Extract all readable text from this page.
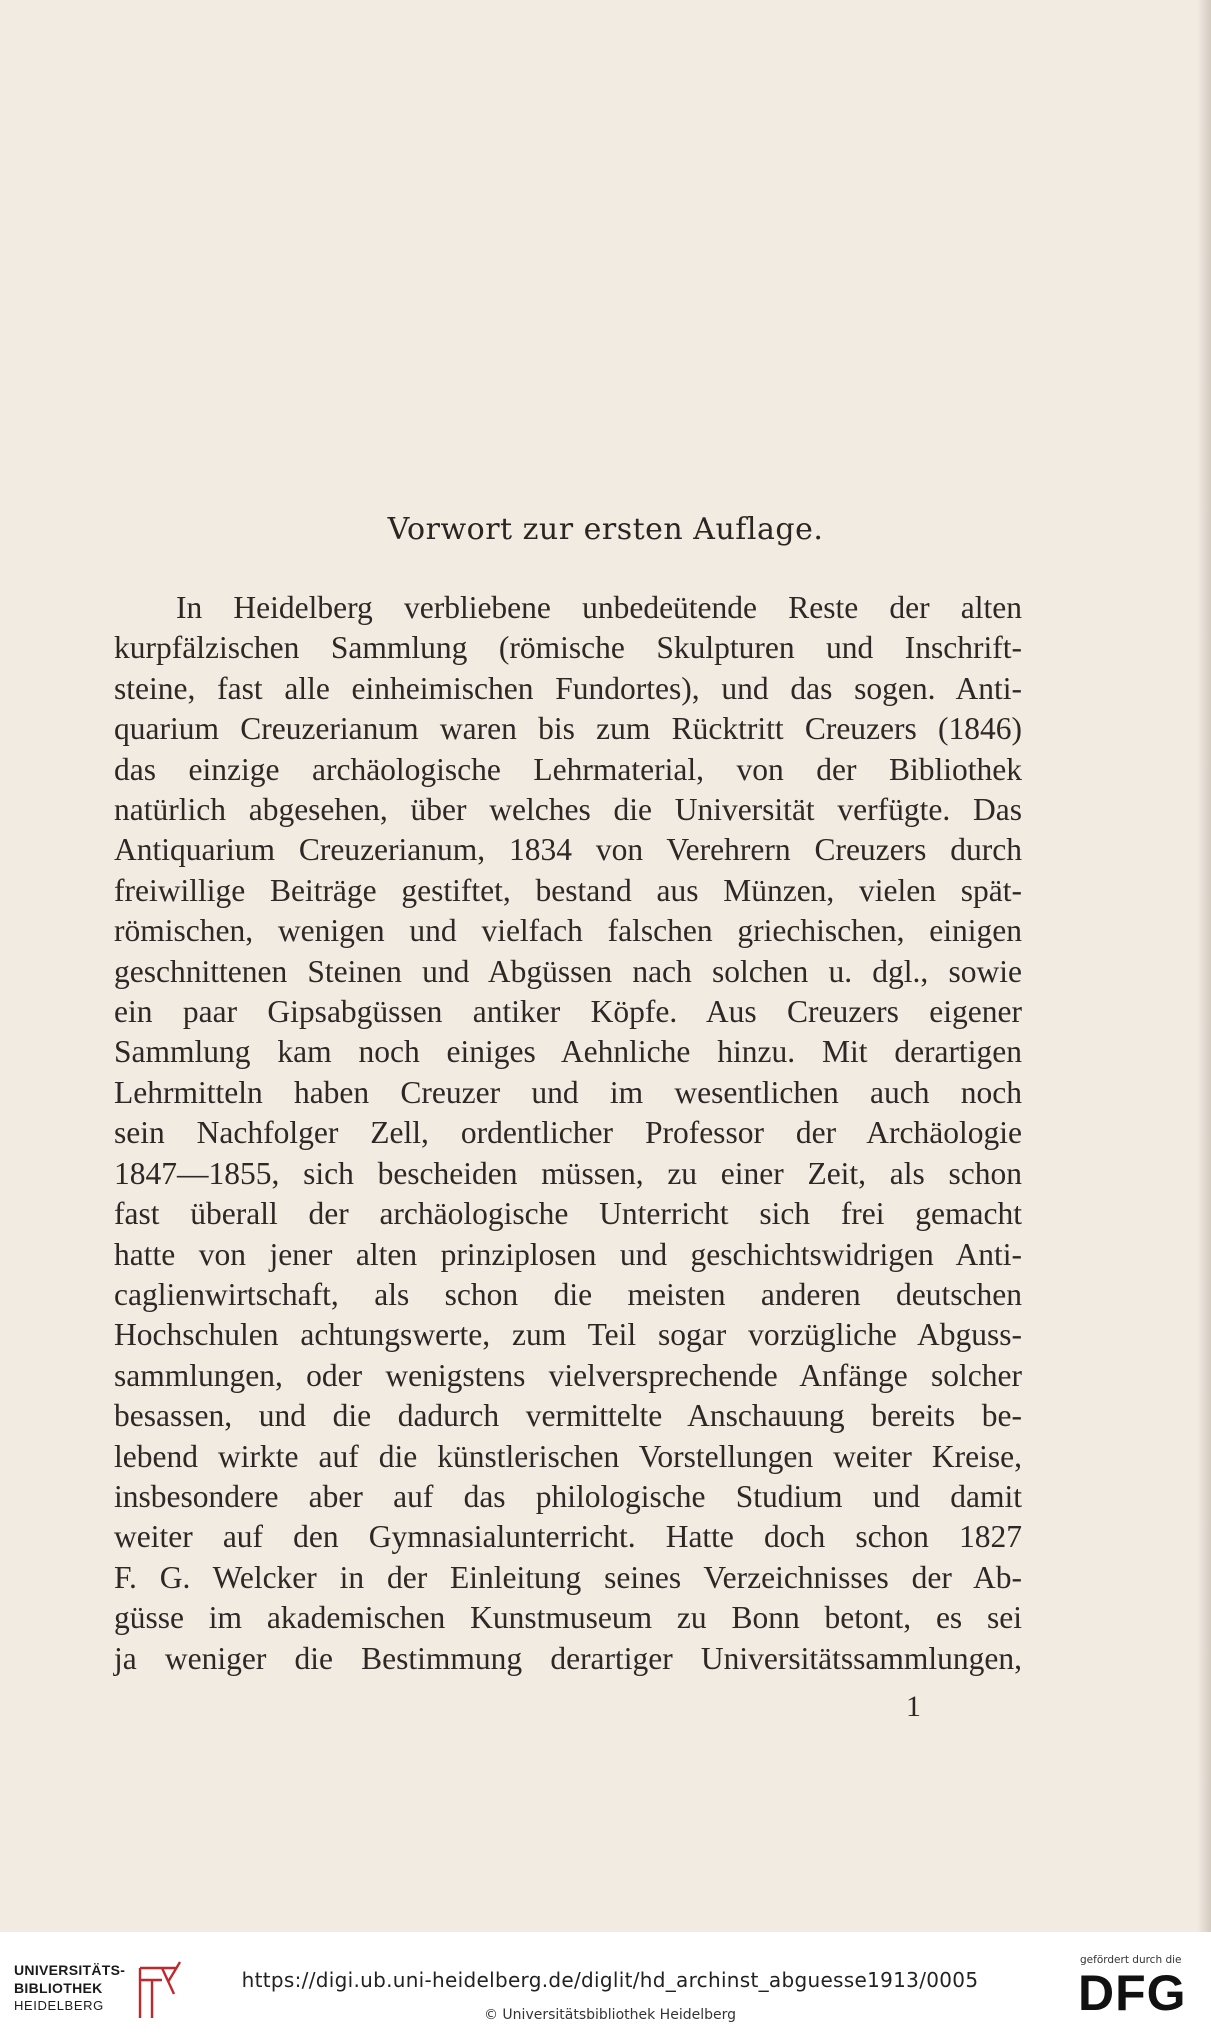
Vorwort zur ersten Auflage.
In Heidelberg verbliebene unbedeütende Reste der alten
kurpfälzischen Sammlung (römische Skulpturen und Inschrift-
steine, fast alle einheimischen Fundortes), und das sogen. Anti-
quarium Creuzerianum waren bis zum Rücktritt Creuzers (1846)
das einzige archäologische Lehrmaterial, von der Bibliothek
natürlich abgesehen, über welches die Universität verfügte. Das
Antiquarium Creuzerianum, 1834 von Verehrern Creuzers durch
freiwillige Beiträge gestiftet, bestand aus Münzen, vielen spät-
römischen, wenigen und vielfach falschen griechischen, einigen
geschnittenen Steinen und Abgüssen nach solchen u. dgl., sowie
ein paar Gipsabgüssen antiker Köpfe. Aus Creuzers eigener
Sammlung kam noch einiges Aehnliche hinzu. Mit derartigen
Lehrmitteln haben Creuzer und im wesentlichen auch noch
sein Nachfolger Zell, ordentlicher Professor der Archäologie
1847—1855, sich bescheiden müssen, zu einer Zeit, als schon
fast überall der archäologische Unterricht sich frei gemacht
hatte von jener alten prinziplosen und geschichtswidrigen Anti-
caglienwirtschaft, als schon die meisten anderen deutschen
Hochschulen achtungswerte, zum Teil sogar vorzügliche Abguss-
sammlungen, oder wenigstens vielversprechende Anfänge solcher
besassen, und die dadurch vermittelte Anschauung bereits be-
lebend wirkte auf die künstlerischen Vorstellungen weiter Kreise,
insbesondere aber auf das philologische Studium und damit
weiter auf den Gymnasialunterricht. Hatte doch schon 1827
F. G. Welcker in der Einleitung seines Verzeichnisses der Ab-
güsse im akademischen Kunstmuseum zu Bonn betont, es sei
ja weniger die Bestimmung derartiger Universitätssammlungen,
1
UNIVERSITÄTS-
BIBLIOTHEK
HEIDELBERG
https://digi.ub.uni-heidelberg.de/diglit/hd_archinst_abguesse1913/0005
© Universitätsbibliothek Heidelberg
gefördert durch die
DFG
